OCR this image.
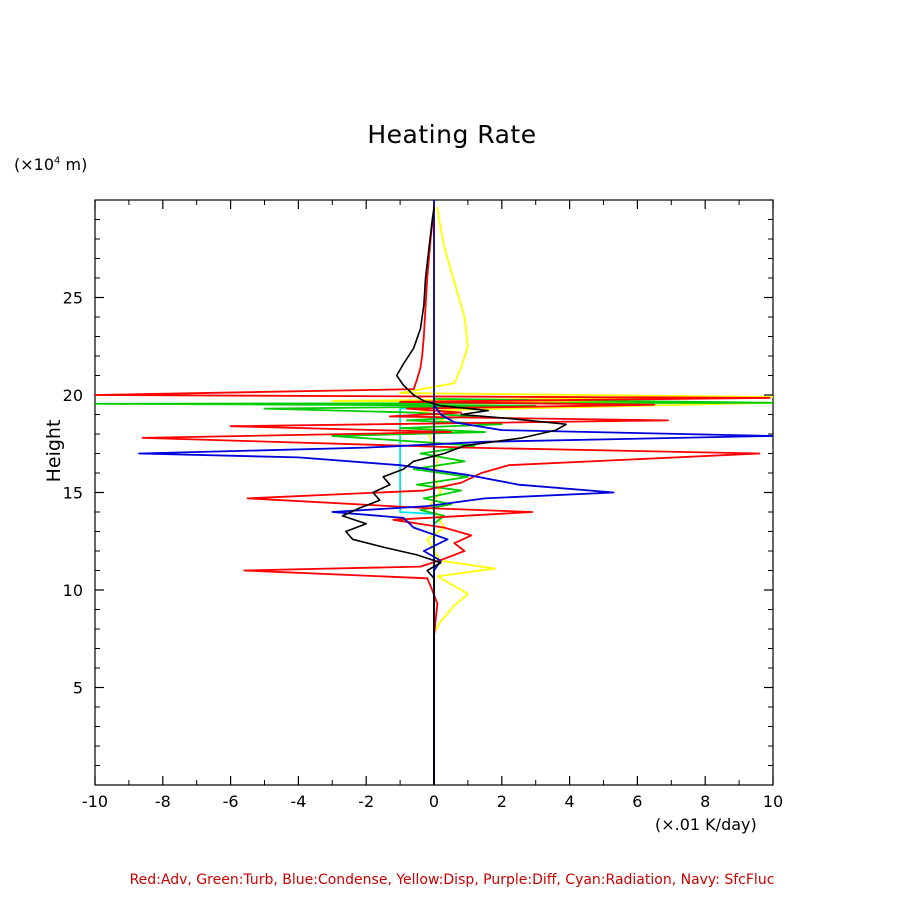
Heating Rate
($\times 10^4$ m)
-10	-8	-6	-4	-2	0	2	4	6	8	10
5
10
15
20
25
Height
(×.01 K/day)
Red:Adv, Green:Turb, Blue:Condense, Yellow:Disp, Purple:Diff, Cyan:Radiation, Navy: SfcFluc
